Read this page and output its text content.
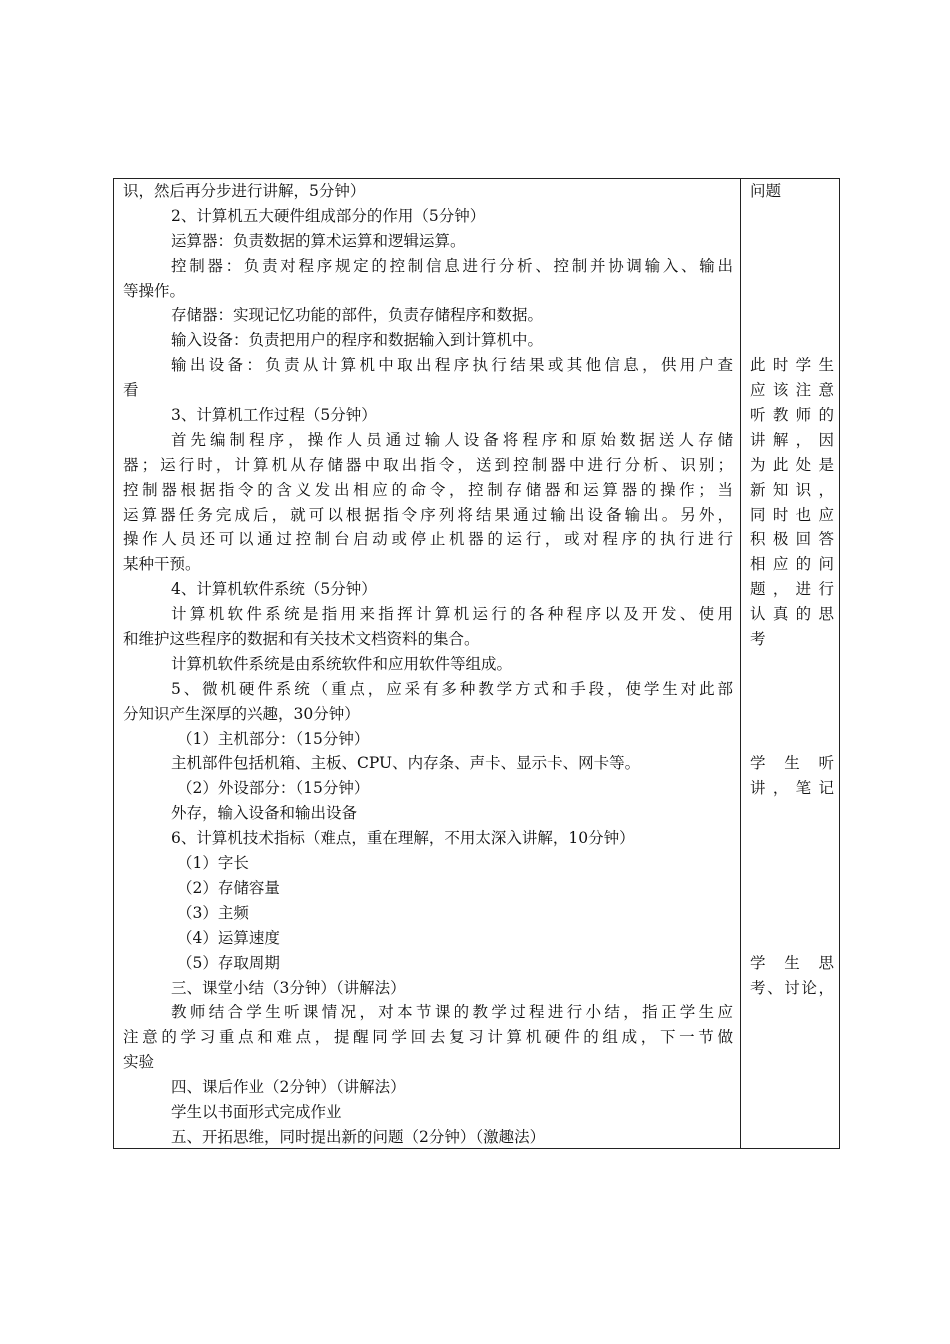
识，然后再分步进行讲解，5分钟）
2、计算机五大硬件组成部分的作用（5分钟）
运算器：负责数据的算术运算和逻辑运算。
控制器：负责对程序规定的控制信息进行分析、控制并协调输入、输出
等操作。
存储器：实现记忆功能的部件，负责存储程序和数据。
输入设备：负责把用户的程序和数据输入到计算机中。
输出设备：负责从计算机中取出程序执行结果或其他信息，供用户查
看
3、计算机工作过程（5分钟）
首先编制程序，操作人员通过输人设备将程序和原始数据送人存储
器；运行时，计算机从存储器中取出指令，送到控制器中进行分析、识别；
控制器根据指令的含义发出相应的命令，控制存储器和运算器的操作；当
运算器任务完成后，就可以根据指令序列将结果通过输出设备输出。另外，
操作人员还可以通过控制台启动或停止机器的运行，或对程序的执行进行
某种干预。
4、计算机软件系统（5分钟）
计算机软件系统是指用来指挥计算机运行的各种程序以及开发、使用
和维护这些程序的数据和有关技术文档资料的集合。
计算机软件系统是由系统软件和应用软件等组成。
5、微机硬件系统（重点，应采有多种教学方式和手段，使学生对此部
分知识产生深厚的兴趣，30分钟）
（1）主机部分：（15分钟）
主机部件包括机箱、主板、CPU、内存条、声卡、显示卡、网卡等。
（2）外设部分：（15分钟）
外存，输入设备和输出设备
6、计算机技术指标（难点，重在理解，不用太深入讲解，10分钟）
（1）字长
（2）存储容量
（3）主频
（4）运算速度
（5）存取周期
三、课堂小结（3分钟）（讲解法）
教师结合学生听课情况，对本节课的教学过程进行小结，指正学生应
注意的学习重点和难点，提醒同学回去复习计算机硬件的组成，下一节做
实验
四、课后作业（2分钟）（讲解法）
学生以书面形式完成作业
五、开拓思维，同时提出新的问题（2分钟）（激趣法）
问题
此时学生
应该注意
听教师的
讲解，因
为此处是
新知识，
同时也应
积极回答
相应的问
题，进行
认真的思
考
学生听
讲，笔记
学生思
考、讨论，
